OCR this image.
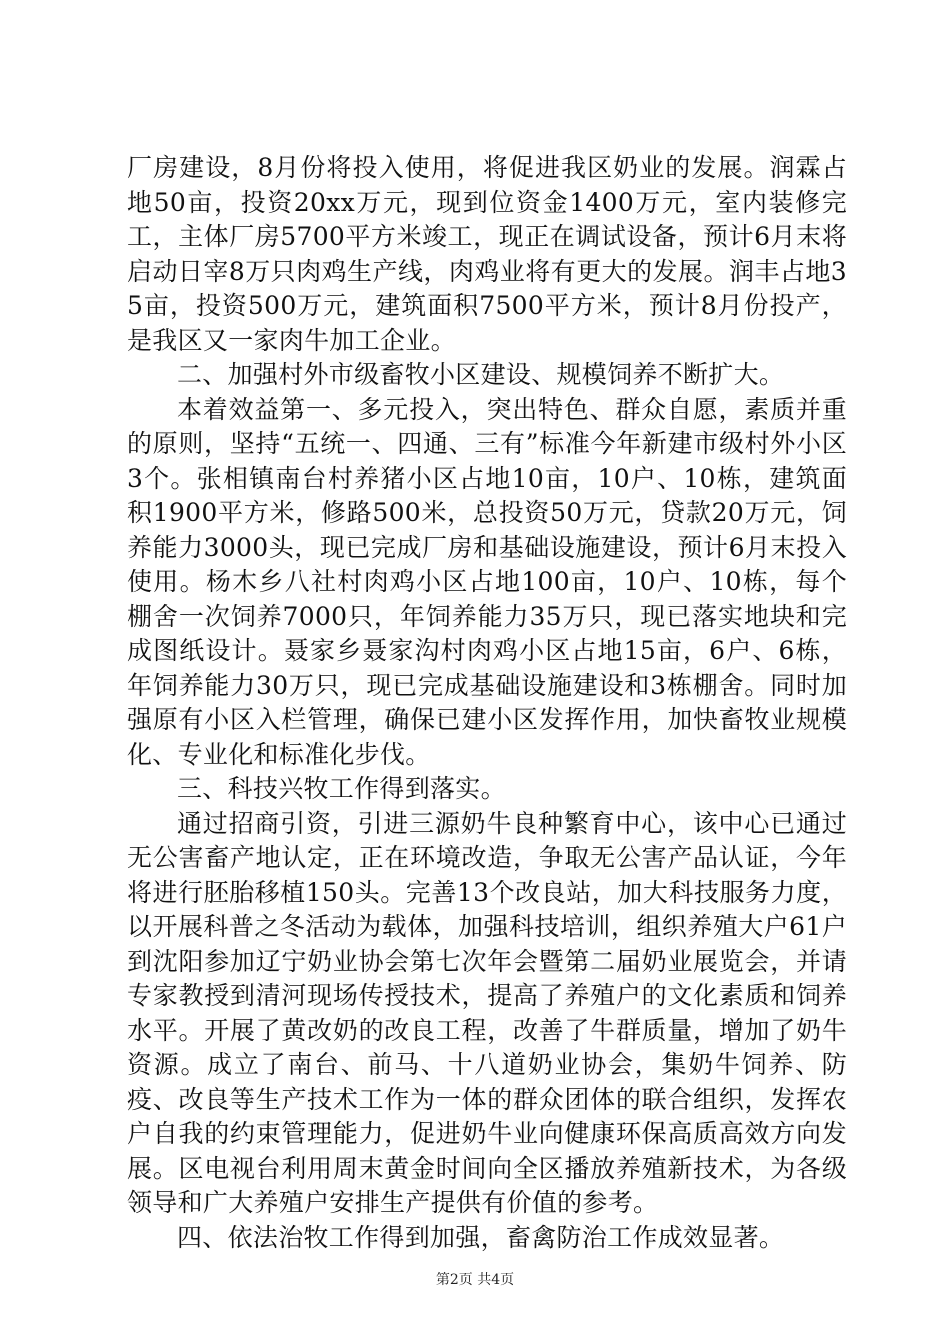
厂房建设，8月份将投入使用，将促进我区奶业的发展。润霖占地50亩，投资20xx万元，现到位资金1400万元，室内装修完工，主体厂房5700平方米竣工，现正在调试设备，预计6月末将启动日宰8万只肉鸡生产线，肉鸡业将有更大的发展。润丰占地35亩，投资500万元，建筑面积7500平方米，预计8月份投产，是我区又一家肉牛加工企业。

二、加强村外市级畜牧小区建设、规模饲养不断扩大。

本着效益第一、多元投入，突出特色、群众自愿，素质并重的原则，坚持“五统一、四通、三有”标准今年新建市级村外小区3个。张相镇南台村养猪小区占地10亩，10户、10栋，建筑面积1900平方米，修路500米，总投资50万元，贷款20万元，饲养能力3000头，现已完成厂房和基础设施建设，预计6月末投入使用。杨木乡八社村肉鸡小区占地100亩，10户、10栋，每个棚舍一次饲养7000只，年饲养能力35万只，现已落实地块和完成图纸设计。聂家乡聂家沟村肉鸡小区占地15亩，6户、6栋，年饲养能力30万只，现已完成基础设施建设和3栋棚舍。同时加强原有小区入栏管理，确保已建小区发挥作用，加快畜牧业规模化、专业化和标准化步伐。

三、科技兴牧工作得到落实。

通过招商引资，引进三源奶牛良种繁育中心，该中心已通过无公害畜产地认定，正在环境改造，争取无公害产品认证，今年将进行胚胎移植150头。完善13个改良站，加大科技服务力度，以开展科普之冬活动为载体，加强科技培训，组织养殖大户61户到沈阳参加辽宁奶业协会第七次年会暨第二届奶业展览会，并请专家教授到清河现场传授技术，提高了养殖户的文化素质和饲养水平。开展了黄改奶的改良工程，改善了牛群质量，增加了奶牛资源。成立了南台、前马、十八道奶业协会，集奶牛饲养、防疫、改良等生产技术工作为一体的群众团体的联合组织，发挥农户自我的约束管理能力，促进奶牛业向健康环保高质高效方向发展。区电视台利用周末黄金时间向全区播放养殖新技术，为各级领导和广大养殖户安排生产提供有价值的参考。

四、依法治牧工作得到加强，畜禽防治工作成效显著。

第2页 共4页
